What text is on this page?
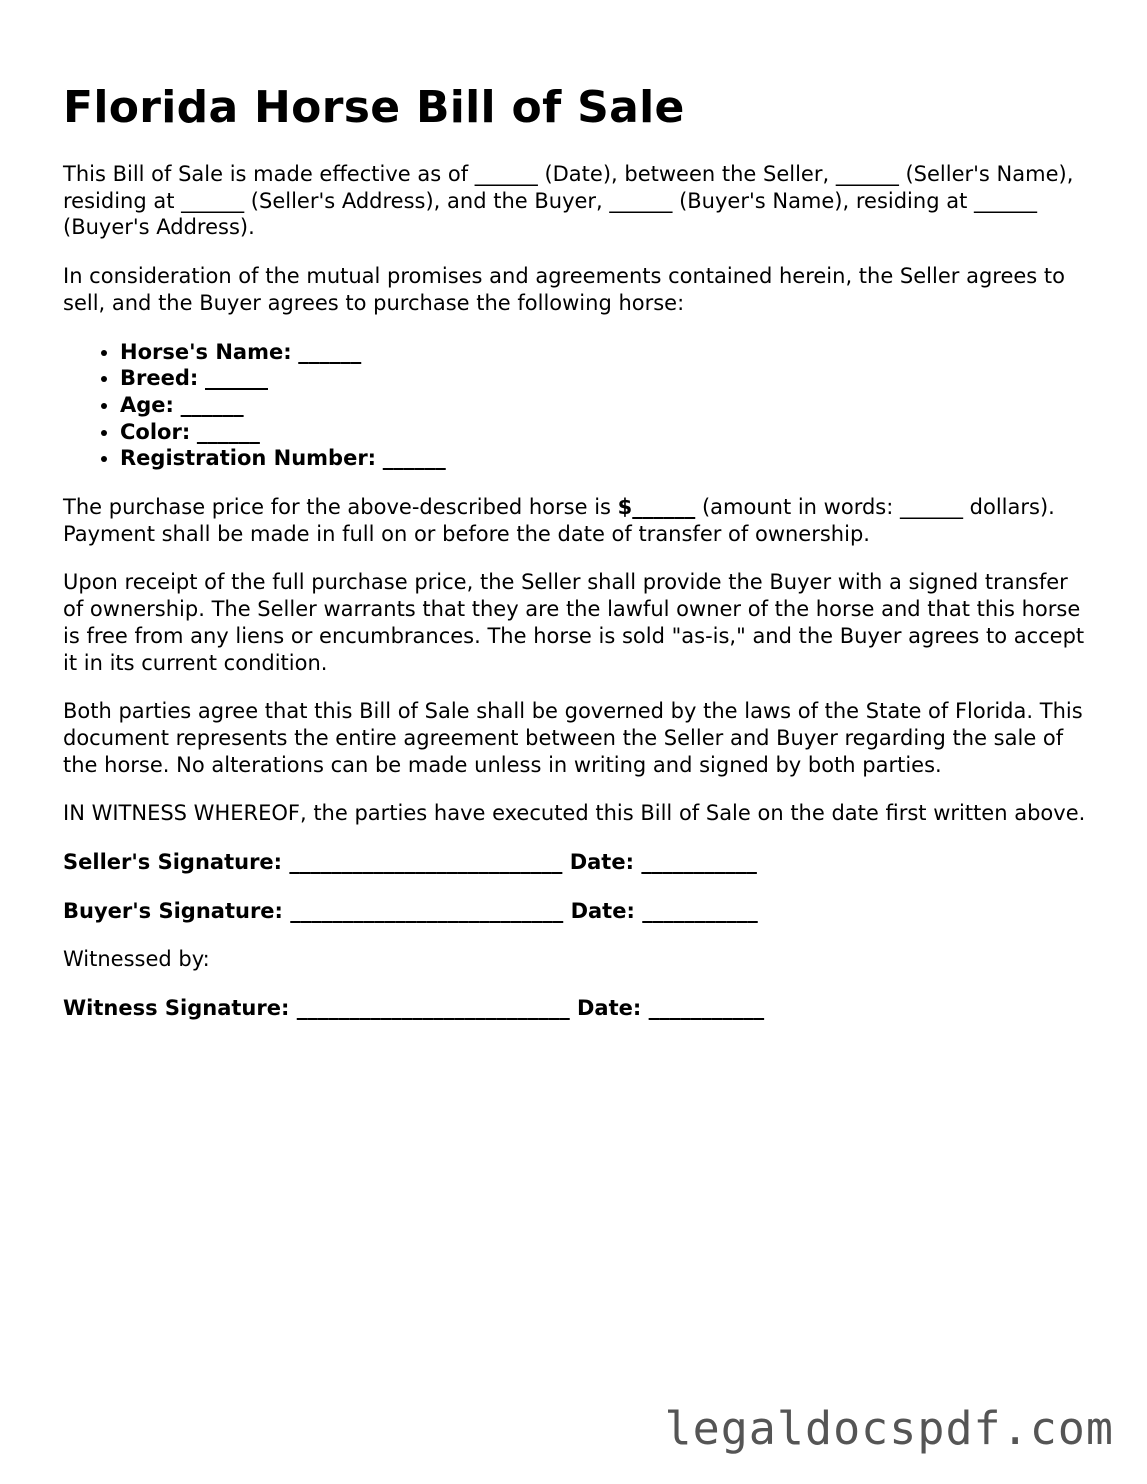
Florida Horse Bill of Sale

This Bill of Sale is made effective as of ______ (Date), between the Seller, ______ (Seller's Name), residing at ______ (Seller's Address), and the Buyer, ______ (Buyer's Name), residing at ______ (Buyer's Address).

In consideration of the mutual promises and agreements contained herein, the Seller agrees to sell, and the Buyer agrees to purchase the following horse:

• Horse's Name: ______
• Breed: ______
• Age: ______
• Color: ______
• Registration Number: ______

The purchase price for the above-described horse is $______ (amount in words: ______ dollars). Payment shall be made in full on or before the date of transfer of ownership.

Upon receipt of the full purchase price, the Seller shall provide the Buyer with a signed transfer of ownership. The Seller warrants that they are the lawful owner of the horse and that this horse is free from any liens or encumbrances. The horse is sold "as-is," and the Buyer agrees to accept it in its current condition.

Both parties agree that this Bill of Sale shall be governed by the laws of the State of Florida. This document represents the entire agreement between the Seller and Buyer regarding the sale of the horse. No alterations can be made unless in writing and signed by both parties.

IN WITNESS WHEREOF, the parties have executed this Bill of Sale on the date first written above.

Seller's Signature: __________________________ Date: ___________
Buyer's Signature: __________________________ Date: ___________

Witnessed by:

Witness Signature: __________________________ Date: ___________
legaldocspdf.com
